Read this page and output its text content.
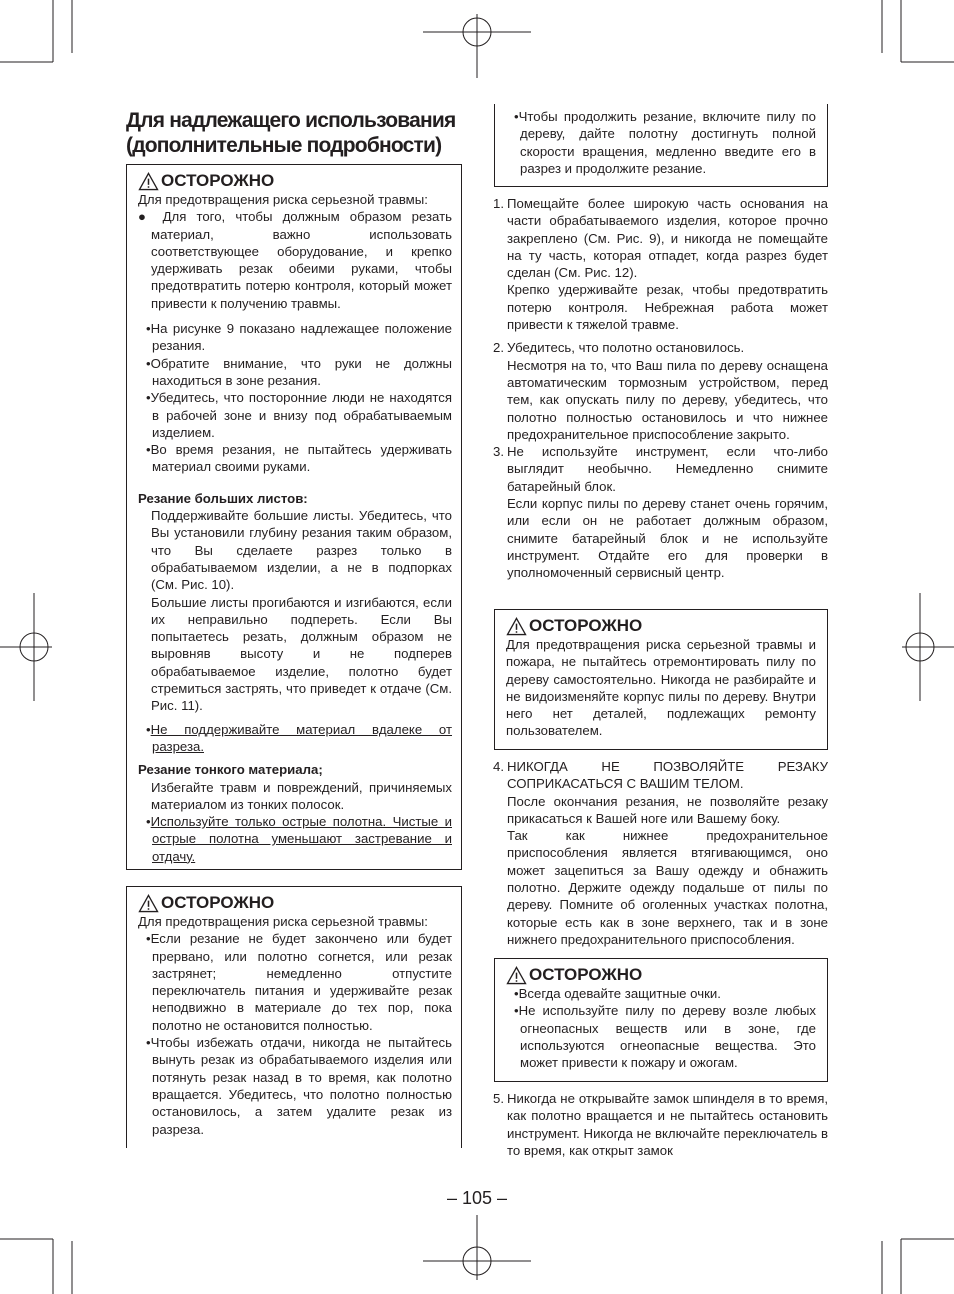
Для надлежащего использования (дополнительные подробности)
ОСТОРОЖНО

Для предотвращения риска серьезной травмы:

● Для того, чтобы должным образом резать материал, важно использовать соответствующее оборудование, и крепко удерживать резак обеими руками, чтобы предотвратить потерю контроля, который может привести к получению травмы.

•На рисунке 9 показано надлежащее положение резания.

•Обратите внимание, что руки не должны находиться в зоне резания.

•Убедитесь, что посторонние люди не находятся в рабочей зоне и внизу под обрабатываемым изделием.

•Во время резания, не пытайтесь удерживать материал своими руками.

Резание больших листов:

Поддерживайте большие листы. Убедитесь, что Вы установили глубину резания таким образом, что Вы сделаете разрез только в обрабатываемом изделии, а не в подпорках (См. Рис. 10).

Большие листы прогибаются и изгибаются, если их неправильно подпереть. Если Вы попытаетесь резать, должным образом не выровняв высоту и не подперев обрабатываемое изделие, полотно будет стремиться застрять, что приведет к отдаче (См. Рис. 11).

•Не поддерживайте материал вдалеке от разреза.

Резание тонкого материала;

Избегайте травм и повреждений, причиняемых материалом из тонких полосок.

•Используйте только острые полотна. Чистые и острые полотна уменьшают застревание и отдачу.

ОСТОРОЖНО

Для предотвращения риска серьезной травмы:

•Если резание не будет закончено или будет прервано, или полотно согнется, или резак застрянет; немедленно отпустите переключатель питания и удерживайте резак неподвижно в материале до тех пор, пока полотно не остановится полностью.

•Чтобы избежать отдачи, никогда не пытайтесь вынуть резак из обрабатываемого изделия или потянуть резак назад в то время, как полотно вращается. Убедитесь, что полотно полностью остановилось, а затем удалите резак из разреза.

•Чтобы продолжить резание, включите пилу по дереву, дайте полотну достигнуть полной скорости вращения, медленно введите его в разрез и продолжите резание.

1. Помещайте более широкую часть основания на части обрабатываемого изделия, которое прочно закреплено (См. Рис. 9), и никогда не помещайте на ту часть, которая отпадет, когда разрез будет сделан (См. Рис. 12).

Крепко удерживайте резак, чтобы предотвратить потерю контроля. Небрежная работа может привести к тяжелой травме.

2. Убедитесь, что полотно остановилось.

Несмотря на то, что Ваш пила по дереву оснащена автоматическим тормозным устройством, перед тем, как опускать пилу по дереву, убедитесь, что полотно полностью остановилось и что нижнее предохранительное приспособление закрыто.

3. Не используйте инструмент, если что-либо выглядит необычно. Немедленно снимите батарейный блок.

Если корпус пилы по дереву станет очень горячим, или если он не работает должным образом, снимите батарейный блок и не используйте инструмент. Отдайте его для проверки в уполномоченный сервисный центр.

ОСТОРОЖНО

Для предотвращения риска серьезной травмы и пожара, не пытайтесь отремонтировать пилу по дереву самостоятельно. Никогда не разбирайте и не видоизменяйте корпус пилы по дереву. Внутри него нет деталей, подлежащих ремонту пользователем.

4. НИКОГДА НЕ ПОЗВОЛЯЙТЕ РЕЗАКУ СОПРИКАСАТЬСЯ С ВАШИМ ТЕЛОМ.

После окончания резания, не позволяйте резаку прикасаться к Вашей ноге или Вашему боку.

Так как нижнее предохранительное приспособления является втягивающимся, оно может зацепиться за Вашу одежду и обнажить полотно. Держите одежду подальше от пилы по дереву. Помните об оголенных участках полотна, которые есть как в зоне верхнего, так и в зоне нижнего предохранительного приспособления.

ОСТОРОЖНО

•Всегда одевайте защитные очки.

•Не используйте пилу по дереву возле любых огнеопасных веществ или в зоне, где используются огнеопасные вещества. Это может привести к пожару и ожогам.

5. Никогда не открывайте замок шпинделя в то время, как полотно вращается и не пытайтесь остановить инструмент. Никогда не включайте переключатель в то время, как открыт замок

– 105 –
